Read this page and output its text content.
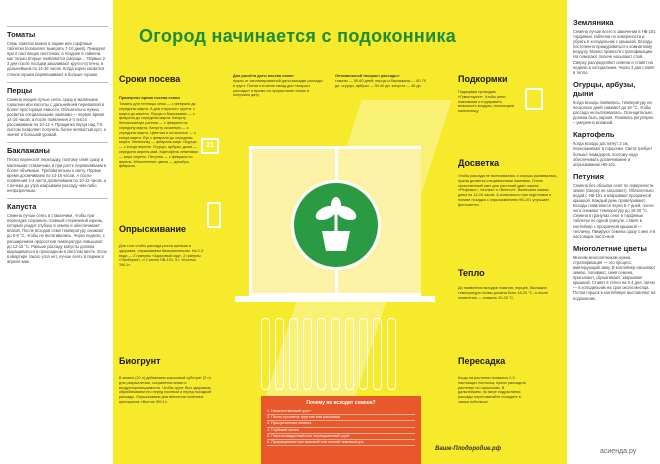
Томаты
Семь томатов можно в ящики или торфяные таблетки (позволяет выиграть 7-10 дней). Пикируют при 2 настоящих листочках, а позднее в тайничи, как только вторые появляются сморщи… Первые 2-3 дня после посадки закаливают кругло-суточно, в дальнейшем по 14-16 часов. Когда корни касаются стенок горшка перевешивают в больше горшки.
Перцы
Семена перцев лучше сеять сразу в маленькие горшочки или кассеты с дальнейшей перевалкой в более просторные емкости. Обязательно нужна досветка специальными лампами — первое время 14-16 часов, а после появления 2-4 листа рассаживаем по 10-12 ч. Прищипка перца над 7-8 листом позволяет получить более ветвистый куст, а значит и больший урожай.
Баклажаны
Плохо переносят пересадку, поэтому семя сразу в маленькие стаканчики, и при росте переваливаем в более объёмные. Требовательны к свету. Первое время досвечиваем по 14-16 часов. А после появления 2-4 листа досвечиваем по 10-12 часов, а с вечера до утра накрываем рассаду чем-либо непрозрачным.
Капуста
Семена лучше сеять в стаканчики, чтобы при пересадке сохранить главный стержневой корень, который уходит глубоко в землю и обеспечивает влагой. После всходов семя температуру снижают до 6-8 °С, чтобы не вытягивались. Через неделю, с расширением проростков температура повышают до 12-15 °С. Раньше рассаду капусты должна выращиваться в прохладном и светлом месте. Если в квартире такого угла нет, лучше сеять в парник в апреле-мае.
Огород начинается с подоконника
Сроки посева
Примерное время посева семян
Томаты для теплицы семя — с февраля до середины марта. А для открытого грунта: с марта до апреля. Перцы и Баклажаны — с февраля до середины марта. Капусту белокочанную ранняя — с февраля по середину марта, Капусту кочанную — с середины марта. Цветная и остальные — с конца марта. Лук с февраля до середины марта. Зеленинку — февраль-март. Огурцы — с конца апреля. Огурцы, арбузы, дыни — середина апреля-май. Картофель семенами — март-апрель. Петуния — с февраля по апрель. Многолетние цветы — декабрь-февраль.
21
Для расчёта даты посева семян
нужно от запланированной даты высадки рассады в грунт. Потом отсчитав назад дни «возраст рассады» и время на прорастание семян и получаем дату.
Оптимальный «возраст рассады»
томаты — 50-60 дней; перцы и баклажаны — 60-70 дн. огурцы, арбузы — 30-40 дн. капуста — 45 дн.
Подкормки
Подкормки проводим «Гумистарин». Чтобы рени повлажнив и подправить влажность воздуха, используем капельницу.
Досветка
Чтобы рассада не вытягивалась и хорошо развивалась, нужна досветка специальными лампами. Очень качественный свет для растений дают лампы «Рефлакс», «Аэлка» и «Вехнол». Включаем лампы днем на 14-16 часов. А изначально при подготовке и поливе посадки с опрыскиванием НВ-101 улучшает фотосинтез.
Опрыскивание
Для того чтобы рассада росла крепкая и здоровая, опрыскиваем биокомплексом. На 2-3 вода — 2 гранулы «Здоровый сад», 2 гранулы «Экоберин», и 2 капли НВ-101, 5 г. «Костык ЭМ-1».
Тепло
До появления всходов томатов, перцев, баклажан температура почвы должна быть 18-20 °С, а после появления — снижать 20-25 °С.
Биогрунт
В землю (10 л) добавляем кокосовый субстрат (3 л) для разрыхления, сохранения влаги и воздухопроницаемости. Чтобы грунт был здоровым, обрабатываем его перед посевом и перед посадкой рассады. Опрыскиваем для внесения полезных препаратов «Восток ЭМ-1».
Пересадка
Когда на растении появился 2-3 настоящих листочка, нужно рассадить растение по горшочкам. В дальнейшем, по мере подрастания рассады переставляйте посадите в чашки побольше.
Почему не всходят семена?
1. Некачественный грунт
2. Плохо пролитое грунтом или рассыпка
3. Просроченные семена
4. Глубокий посев
5. Переохлажденный или пересушенный грунт
6. Проращиваем при высокой или низкой температуре
Ваше-Плодородие.рф
Земляника
Семена лучше всего в замочении в НВ-101 торфяные таблетки по поверхности и убрать в холодильник с крышкой. Всходы постепенно прищуриваться к комнатному воздуху. Можно провести стратификацию. На помогают поличе насыпают слой. Сверху распределяют семена и ставят на неделю в холодильник. Через 3 дня ставят в тепло.
Огурцы, арбузы, дыни
Когда всходы появились, температуру на несколько дней снижают до 18 °С, чтобы рассада не вытягивалась. Осенщительно должна быть парная. Поливать регулярно – умеренно влажной.
Картофель
Когда всходы достигнут 3 см, пересаживают в горшочки. Света требует больше помидоров, поэтому надо обеспечивать досвечивание и опрыскивание НВ-101.
Петуния
Семена без обсыпки сеют по поверхности земли (сверху не засыпают). Обязательно водой с НВ-101 и накрывают прозрачной крышкой. Каждый день проветривают. Всходы появляются через 5-7 дней, после чего снижают температуру до 18-20 °С. Семена в гранулах сеют в торфяные таблетки по одной грануле, ставят в контейнер с прозрачной крышкой — тепличку. Пикируют семена сразу с мек 4-6 настоящих листочков.
Многолетние цветы
Многим многолетникам нужна стратификация — это процесс, имитирующий зиму. В контейнер насыпают землю, поливают, семя семена, присыпают, сбрызгивают, закрывают крышкой. Ставят в тепло на 3-4 дня, затем — в холодильник на срок около месяца. Потом горшок в контейнере выставляют на подоконник.
асиенда.ру
